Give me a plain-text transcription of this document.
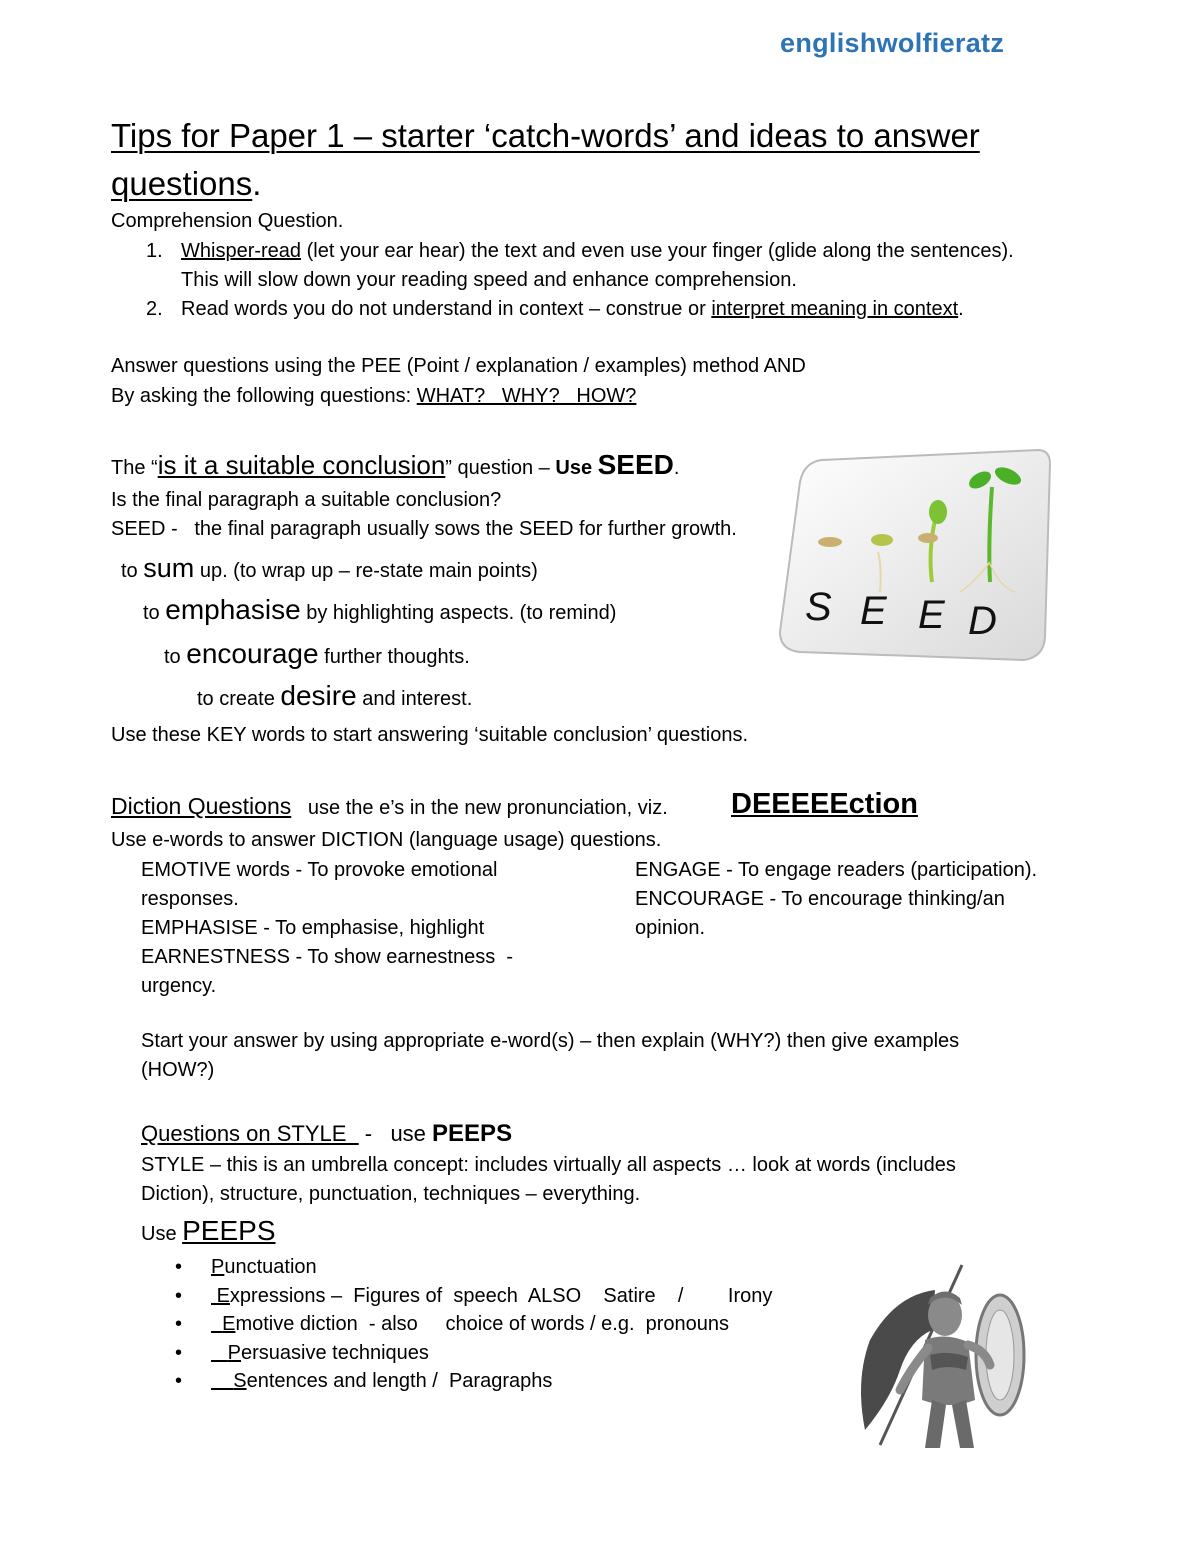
englishwolfieratz
Tips for Paper 1 – starter ‘catch-words’ and ideas to answer
questions.
Comprehension Question.
1. Whisper-read (let your ear hear) the text and even use your finger (glide along the sentences).
This will slow down your reading speed and enhance comprehension.
2. Read words you do not understand in context – construe or interpret meaning in context.
Answer questions using the PEE (Point / explanation / examples) method AND
By asking the following questions: WHAT?   WHY?   HOW?
The “is it a suitable conclusion” question – Use SEED.
Is the final paragraph a suitable conclusion?
SEED -   the final paragraph usually sows the SEED for further growth.
to sum up. (to wrap up – re-state main points)
to emphasise by highlighting aspects. (to remind)
to encourage further thoughts.
to create desire and interest.
Use these KEY words to start answering ‘suitable conclusion’ questions.
S E E D
Diction Questions   use the e’s in the new pronunciation, viz. DEEEEEction
Use e-words to answer DICTION (language usage) questions.
EMOTIVE words - To provoke emotional
responses.
EMPHASISE - To emphasise, highlight
EARNESTNESS - To show earnestness  -
urgency.
ENGAGE - To engage readers (participation).
ENCOURAGE - To encourage thinking/an
opinion.
Start your answer by using appropriate e-word(s) – then explain (WHY?) then give examples
(HOW?)
Questions on STYLE   -   use PEEPS
STYLE – this is an umbrella concept: includes virtually all aspects … look at words (includes
Diction), structure, punctuation, techniques – everything.
Use PEEPS
• Punctuation
• Expressions –  Figures of  speech  ALSO    Satire    /        Irony
• Emotive diction  - also     choice of words / e.g.  pronouns
• Persuasive techniques
•	Sentences and length /  Paragraphs
